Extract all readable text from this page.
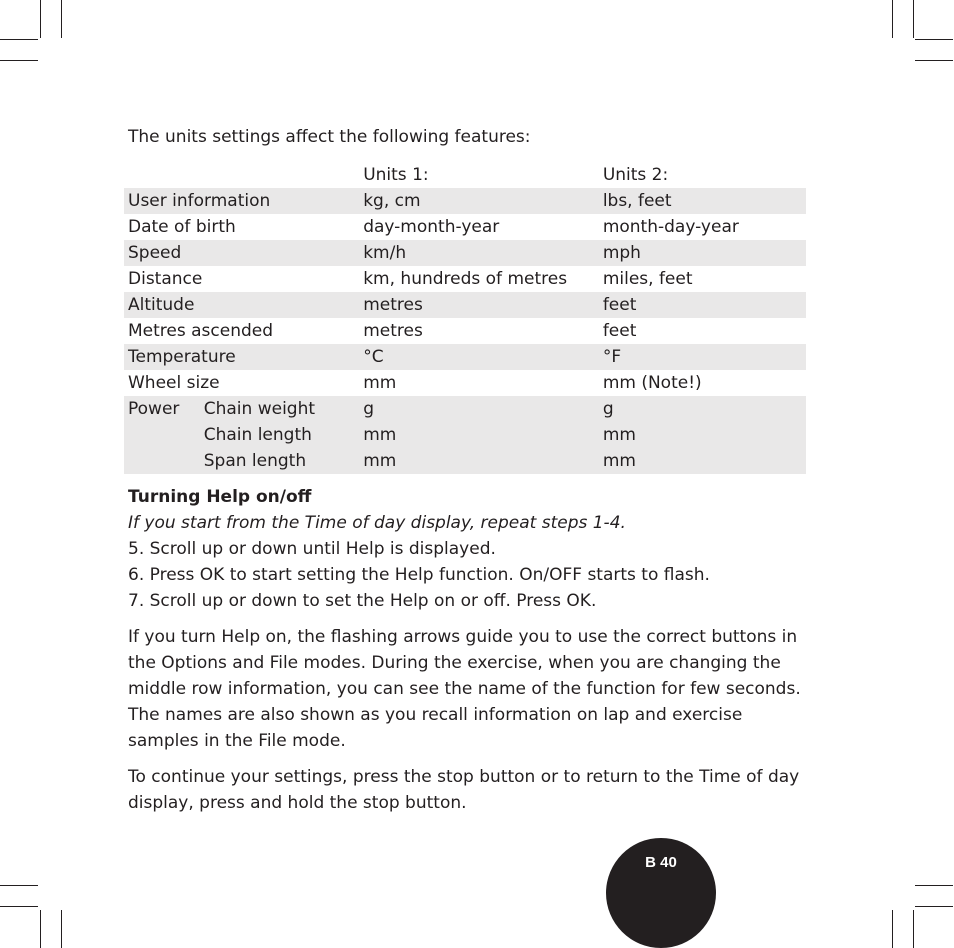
The units settings affect the following features:

		Units 1:	Units 2:
User information		kg, cm	lbs, feet
Date of birth		day-month-year	month-day-year
Speed		km/h	mph
Distance		km, hundreds of metres	miles, feet
Altitude		metres	feet
Metres ascended		metres	feet
Temperature		°C	°F
Wheel size		mm	mm (Note!)
Power	Chain weight	g	g
	Chain length	mm	mm
	Span length	mm	mm
Turning Help on/off

If you start from the Time of day display, repeat steps 1-4.

5. Scroll up or down until Help is displayed.
6. Press OK to start setting the Help function. On/OFF starts to flash.
7. Scroll up or down to set the Help on or off. Press OK.

If you turn Help on, the flashing arrows guide you to use the correct buttons in the Options and File modes. During the exercise, when you are changing the middle row information, you can see the name of the function for few seconds. The names are also shown as you recall information on lap and exercise samples in the File mode.

To continue your settings, press the stop button or to return to the Time of day display, press and hold the stop button.

B 40
